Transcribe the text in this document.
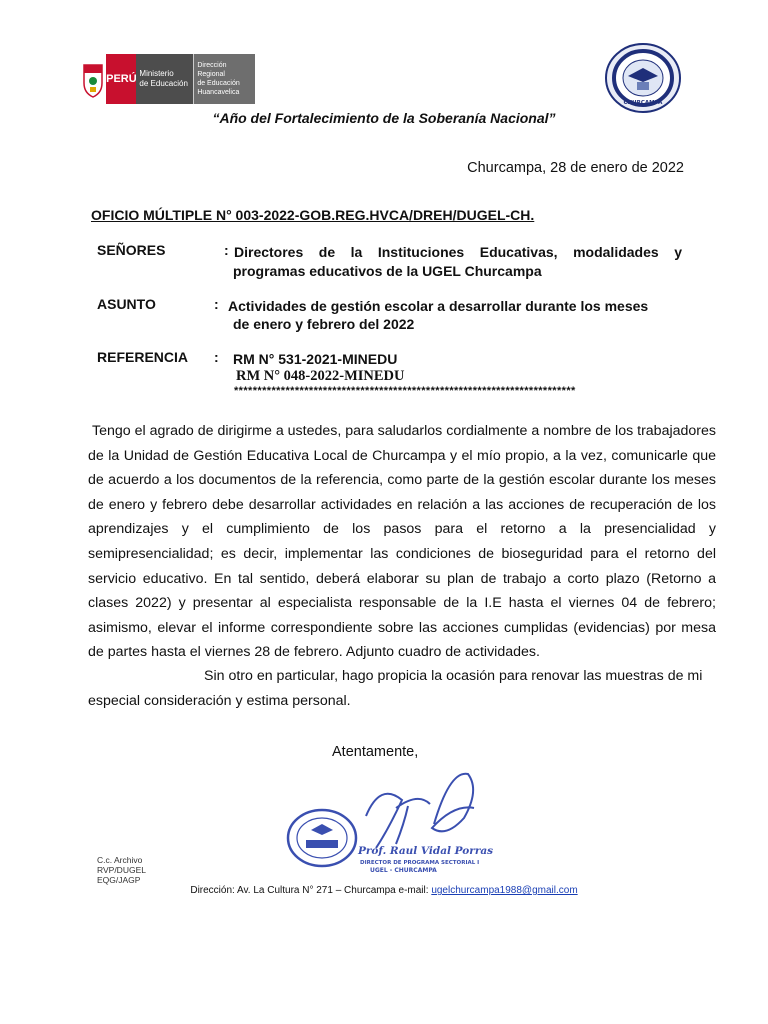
PERÚ Ministerio
de Educación
Dirección Regional
de Educación
Huancavelica
CHURCAMPA
“Año del Fortalecimiento de la Soberanía Nacional”
Churcampa, 28 de enero de 2022
OFICIO MÚLTIPLE N° 003-2022-GOB.REG.HVCA/DREH/DUGEL-CH.
SEÑORES	: Directores de la Instituciones Educativas, modalidades y
programas educativos de la UGEL Churcampa
ASUNTO	: Actividades de gestión escolar a desarrollar durante los meses
de enero y febrero del 2022
REFERENCIA : RM N° 531-2021-MINEDU
RM N° 048-2022-MINEDU
*************************************************************************
Tengo el agrado de dirigirme a ustedes, para saludarlos cordialmente a nombre de los trabajadores de la Unidad de Gestión Educativa Local de Churcampa y el mío propio, a la vez, comunicarle que de acuerdo a los documentos de la referencia, como parte de la gestión escolar durante los meses de enero y febrero debe desarrollar actividades en relación a las acciones de recuperación de los aprendizajes y el cumplimiento de los pasos para el retorno a la presencialidad y semipresencialidad; es decir, implementar las condiciones de bioseguridad para el retorno del servicio educativo. En tal sentido, deberá elaborar su plan de trabajo a corto plazo (Retorno a clases 2022) y presentar al especialista responsable de la I.E hasta el viernes 04 de febrero; asimismo, elevar el informe correspondiente sobre las acciones cumplidas (evidencias) por mesa de partes hasta el viernes 28 de febrero. Adjunto cuadro de actividades.
Sin otro en particular, hago propicia la ocasión para renovar las muestras de mi especial consideración y estima personal.
Atentamente,
Prof. Raul Vidal Porras
DIRECTOR DE PROGRAMA SECTORIAL I
UGEL - CHURCAMPA
C.c. Archivo
RVP/DUGEL
EQG/JAGP
Dirección: Av. La Cultura N° 271 – Churcampa e-mail: ugelchurcampa1988@gmail.com
